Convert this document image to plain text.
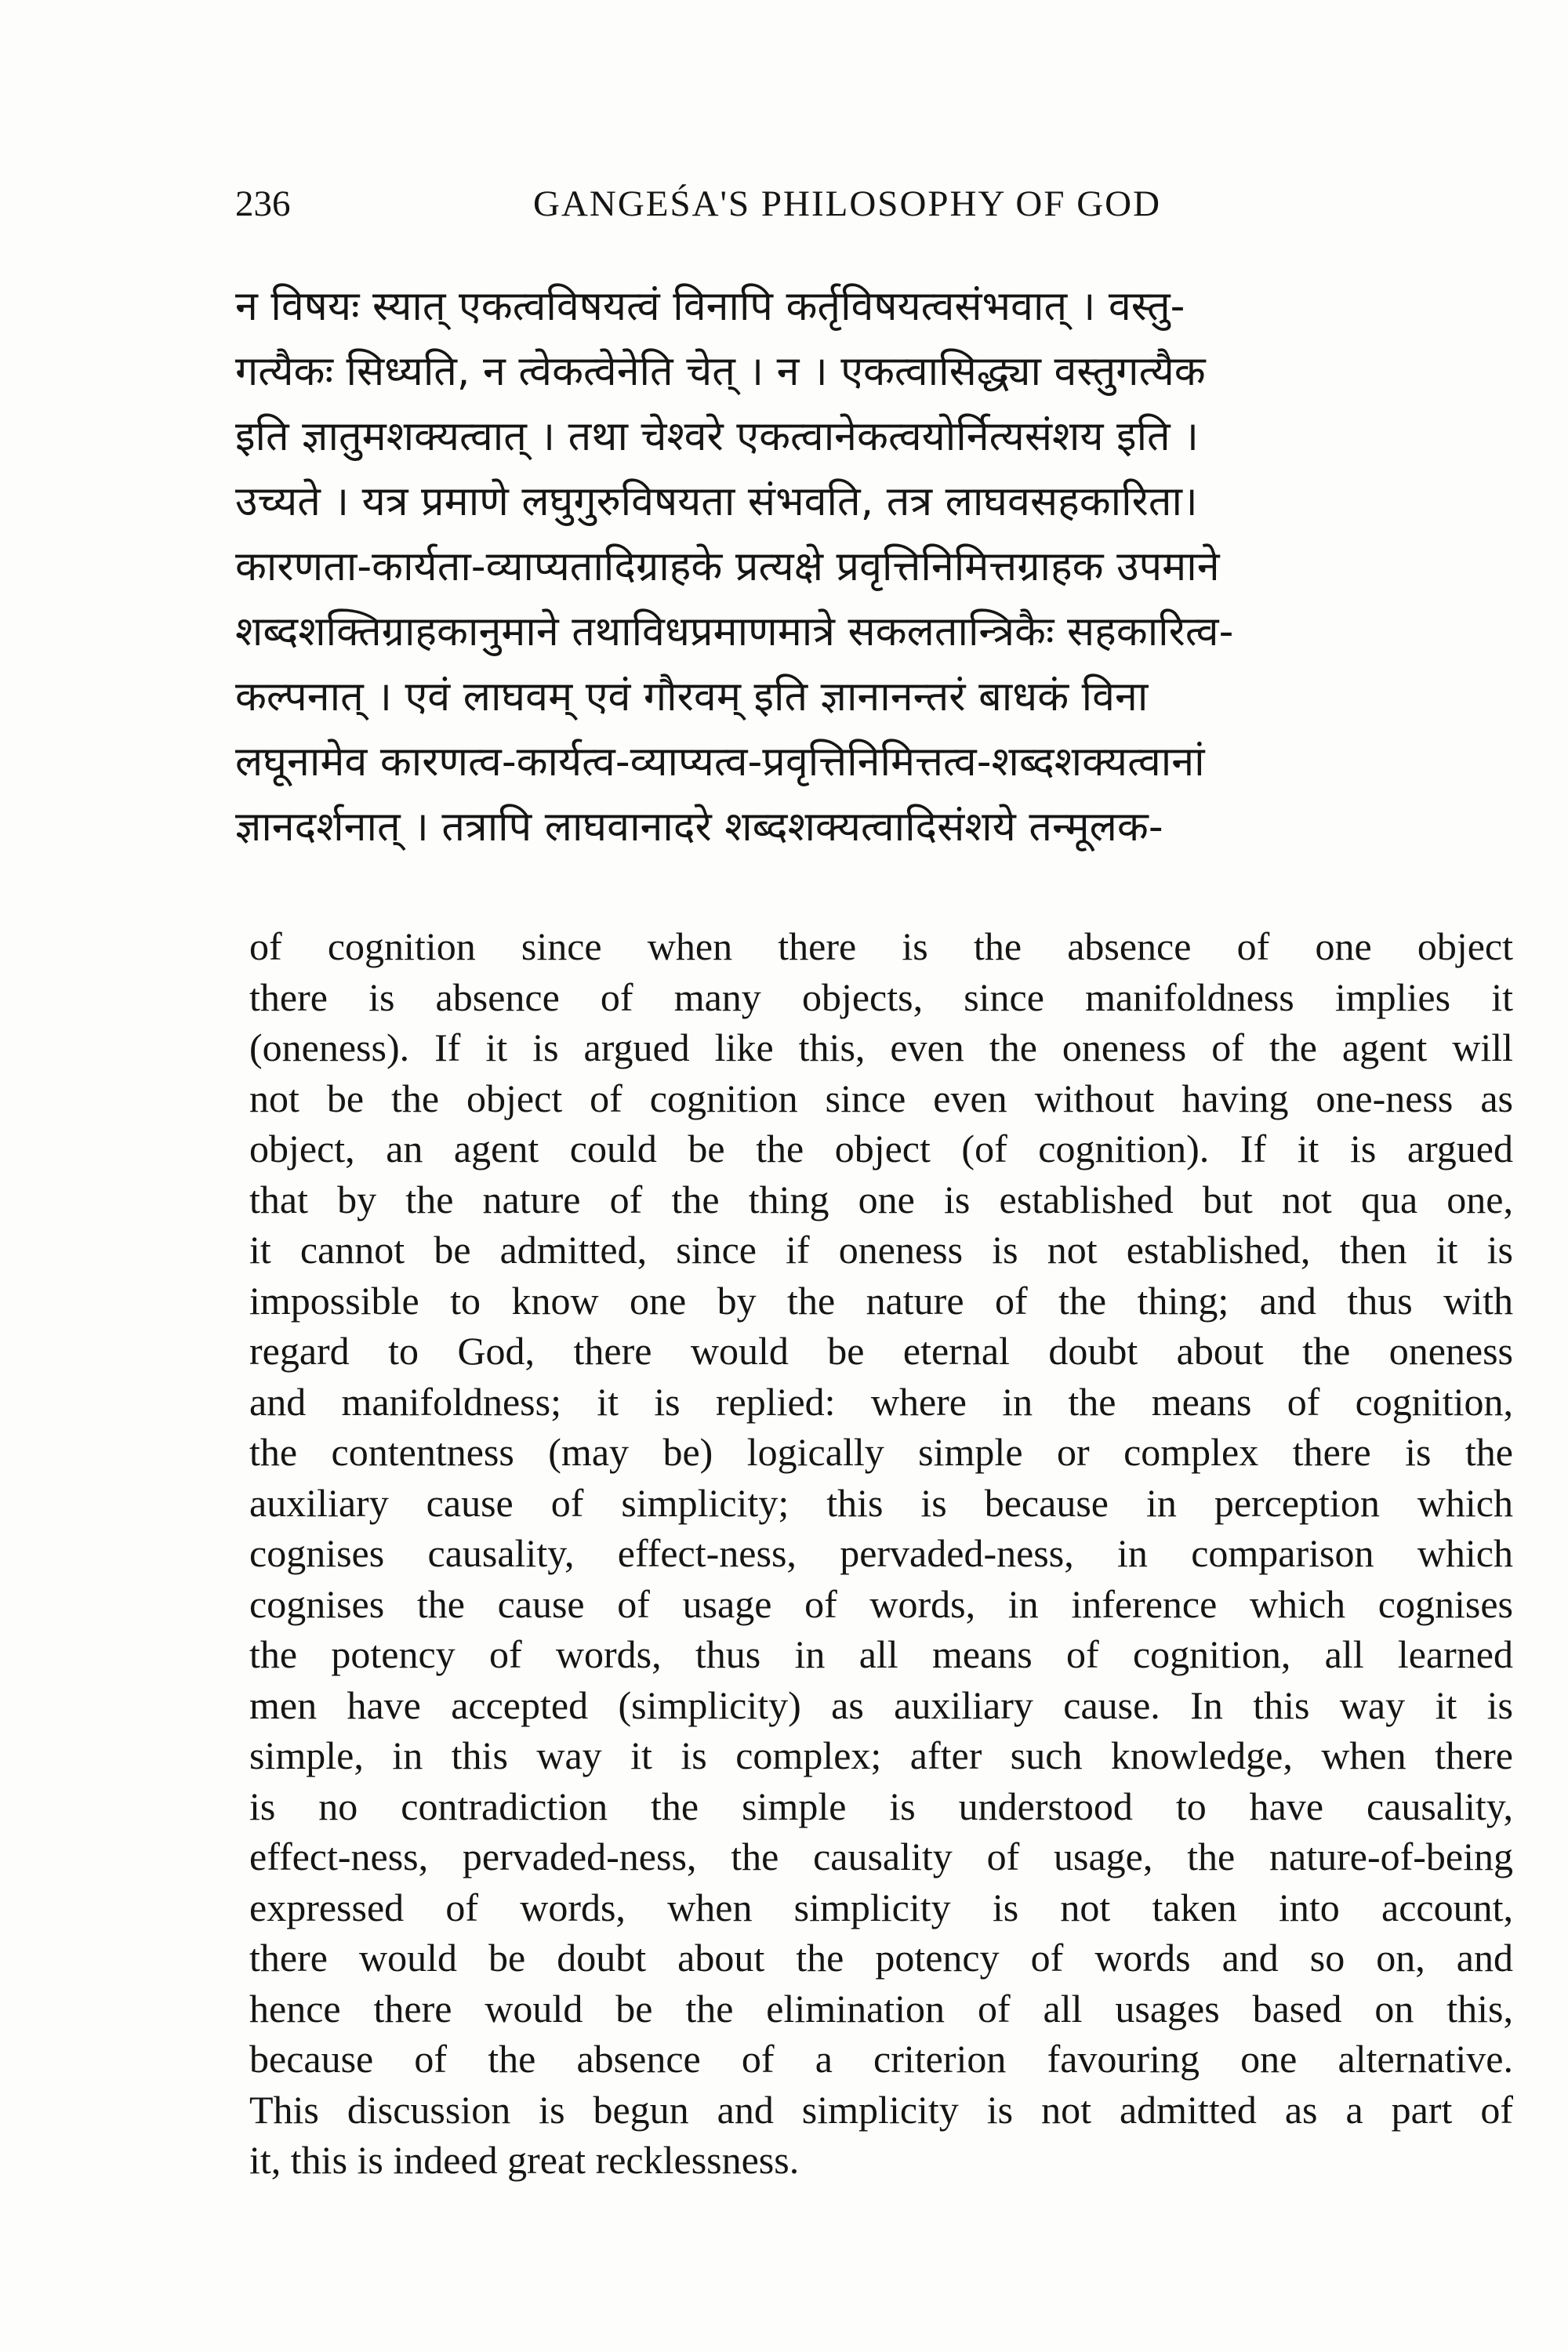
236	GANGEŚA'S PHILOSOPHY OF GOD
न विषयः स्यात् एकत्वविषयत्वं विनापि कर्तृविषयत्वसंभवात् । वस्तु-
गत्यैकः सिध्यति, न त्वेकत्वेनेति चेत् । न । एकत्वासिद्ध्या वस्तुगत्यैक
इति ज्ञातुमशक्यत्वात् । तथा चेश्वरे एकत्वानेकत्वयोर्नित्यसंशय इति ।
उच्यते । यत्र प्रमाणे लघुगुरुविषयता संभवति, तत्र लाघवसहकारिता।
कारणता-कार्यता-व्याप्यतादिग्राहके प्रत्यक्षे प्रवृत्तिनिमित्तग्राहक उपमाने
शब्दशक्तिग्राहकानुमाने तथाविधप्रमाणमात्रे सकलतान्त्रिकैः सहकारित्व-
कल्पनात् । एवं लाघवम् एवं गौरवम् इति ज्ञानानन्तरं बाधकं विना
लघूनामेव कारणत्व-कार्यत्व-व्याप्यत्व-प्रवृत्तिनिमित्तत्व-शब्दशक्यत्वानां
ज्ञानदर्शनात् । तत्रापि लाघवानादरे शब्दशक्यत्वादिसंशये तन्मूलक-
of cognition since when there is the absence of one object
there is absence of many objects, since manifoldness implies it
(oneness). If it is argued like this, even the oneness of the agent will
not be the object of cognition since even without having one-ness as
object, an agent could be the object (of cognition). If it is argued
that by the nature of the thing one is established but not qua one,
it cannot be admitted, since if oneness is not established, then it is
impossible to know one by the nature of the thing; and thus with
regard to God, there would be eternal doubt about the oneness
and manifoldness; it is replied: where in the means of cognition,
the contentness (may be) logically simple or complex there is the
auxiliary cause of simplicity; this is because in perception which
cognises causality, effect-ness, pervaded-ness, in comparison which
cognises the cause of usage of words, in inference which cognises
the potency of words, thus in all means of cognition, all learned
men have accepted (simplicity) as auxiliary cause. In this way it is
simple, in this way it is complex; after such knowledge, when there
is no contradiction the simple is understood to have causality,
effect-ness, pervaded-ness, the causality of usage, the nature-of-being
expressed of words, when simplicity is not taken into account,
there would be doubt about the potency of words and so on, and
hence there would be the elimination of all usages based on this,
because of the absence of a criterion favouring one alternative.
This discussion is begun and simplicity is not admitted as a part of
it, this is indeed great recklessness.
